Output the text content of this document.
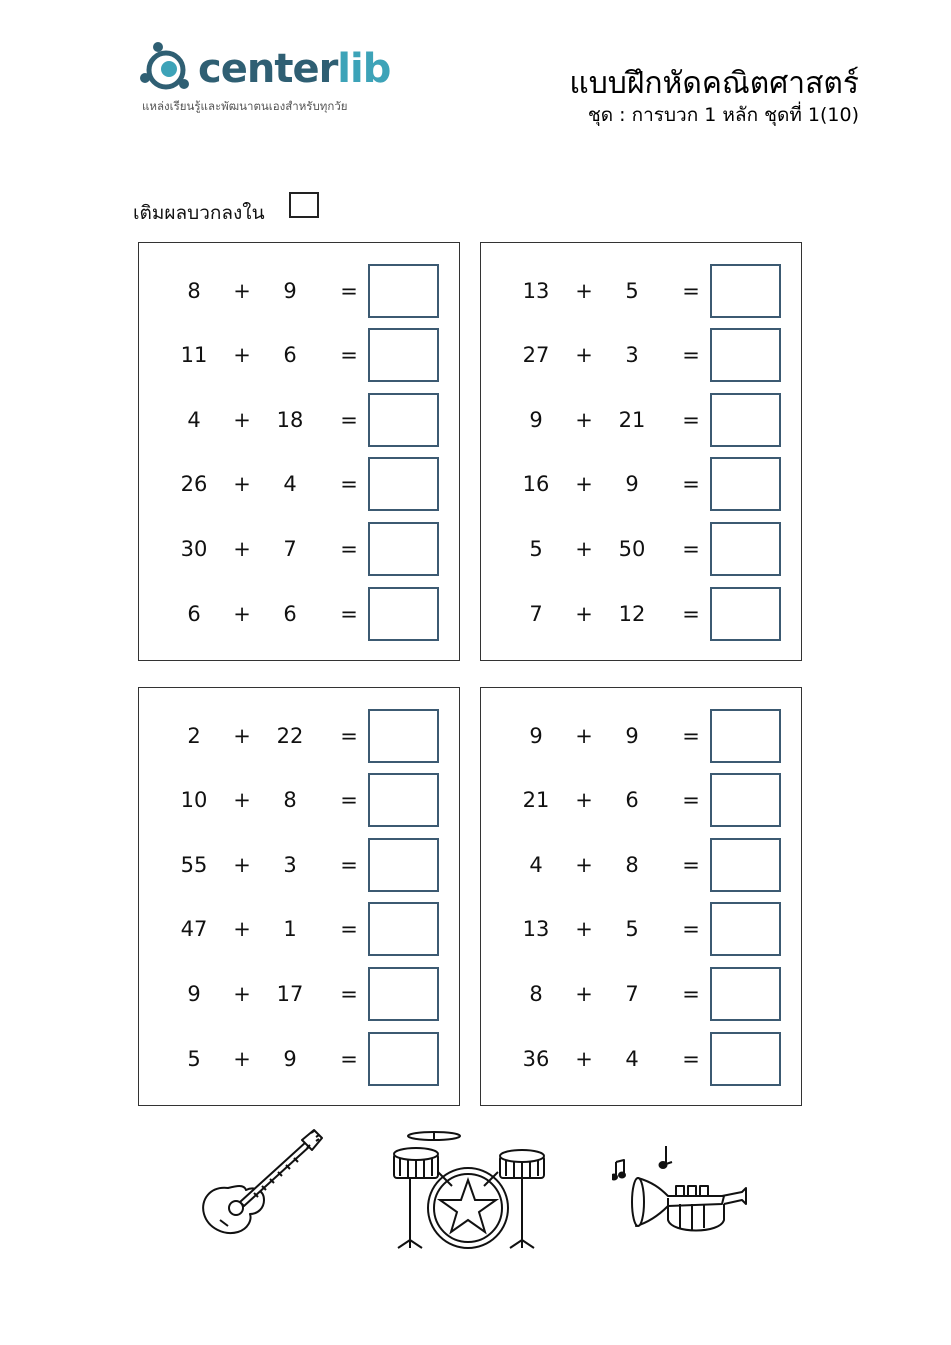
centerlib
แหล่งเรียนรู้และพัฒนาตนเองสำหรับทุกวัย
แบบฝึกหัดคณิตศาสตร์
ชุด : การบวก 1 หลัก ชุดที่ 1(10)
เติมผลบวกลงใน
8	+	9	=
11	+	6	=
4	+	18	=
26	+	4	=
30	+	7	=
6	+	6	=
13	+	5	=
27	+	3	=
9	+	21	=
16	+	9	=
5	+	50	=
7	+	12	=
2	+	22	=
10	+	8	=
55	+	3	=
47	+	1	=
9	+	17	=
5	+	9	=
9	+	9	=
21	+	6	=
4	+	8	=
13	+	5	=
8	+	7	=
36	+	4	=
